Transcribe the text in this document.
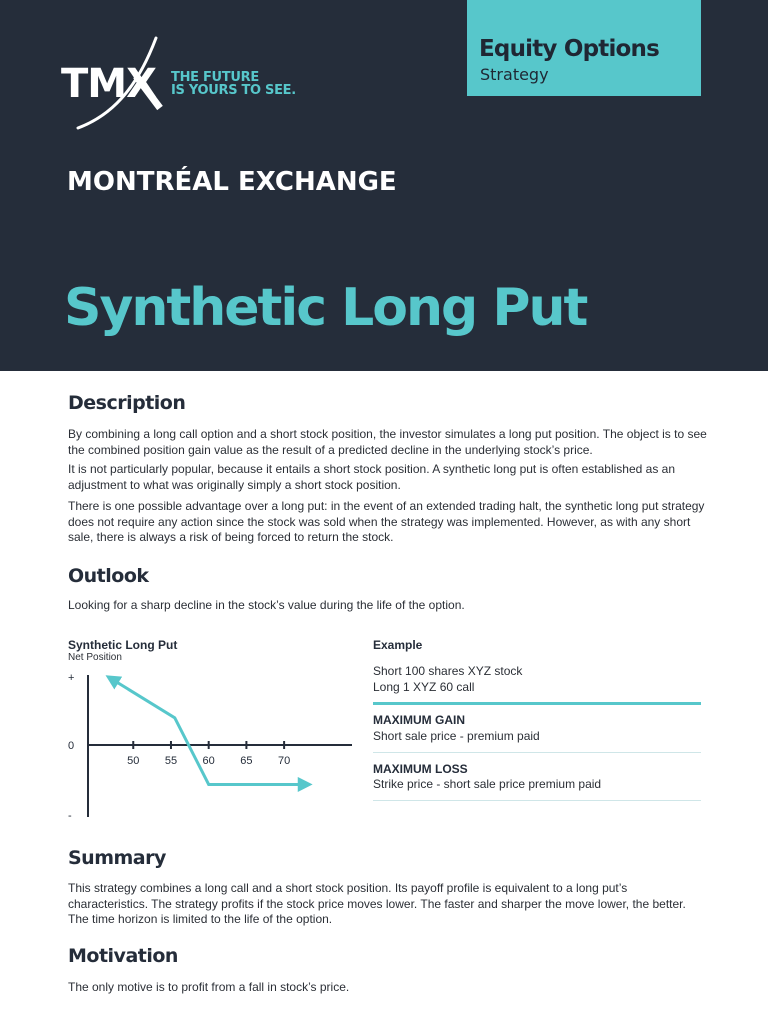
TMX THE FUTURE
IS YOURS TO SEE.
Equity Options
Strategy
MONTRÉAL EXCHANGE
Synthetic Long Put
Description
By combining a long call option and a short stock position, the investor simulates a long put position. The object is to see the combined position gain value as the result of a predicted decline in the underlying stock’s price.
It is not particularly popular, because it entails a short stock position. A synthetic long put is often established as an adjustment to what was originally simply a short stock position.
There is one possible advantage over a long put: in the event of an extended trading halt, the synthetic long put strategy does not require any action since the stock was sold when the strategy was implemented. However, as with any short sale, there is always a risk of being forced to return the stock.
Outlook
Looking for a sharp decline in the stock’s value during the life of the option.
Synthetic Long Put
Net Position
+
0
-
50 55 60 65 70
Example
Short 100 shares XYZ stock
Long 1 XYZ 60 call
MAXIMUM GAIN
Short sale price - premium paid
MAXIMUM LOSS
Strike price - short sale price premium paid
Summary
This strategy combines a long call and a short stock position. Its payoff profile is equivalent to a long put’s characteristics. The strategy profits if the stock price moves lower. The faster and sharper the move lower, the better. The time horizon is limited to the life of the option.
Motivation
The only motive is to profit from a fall in stock’s price.
